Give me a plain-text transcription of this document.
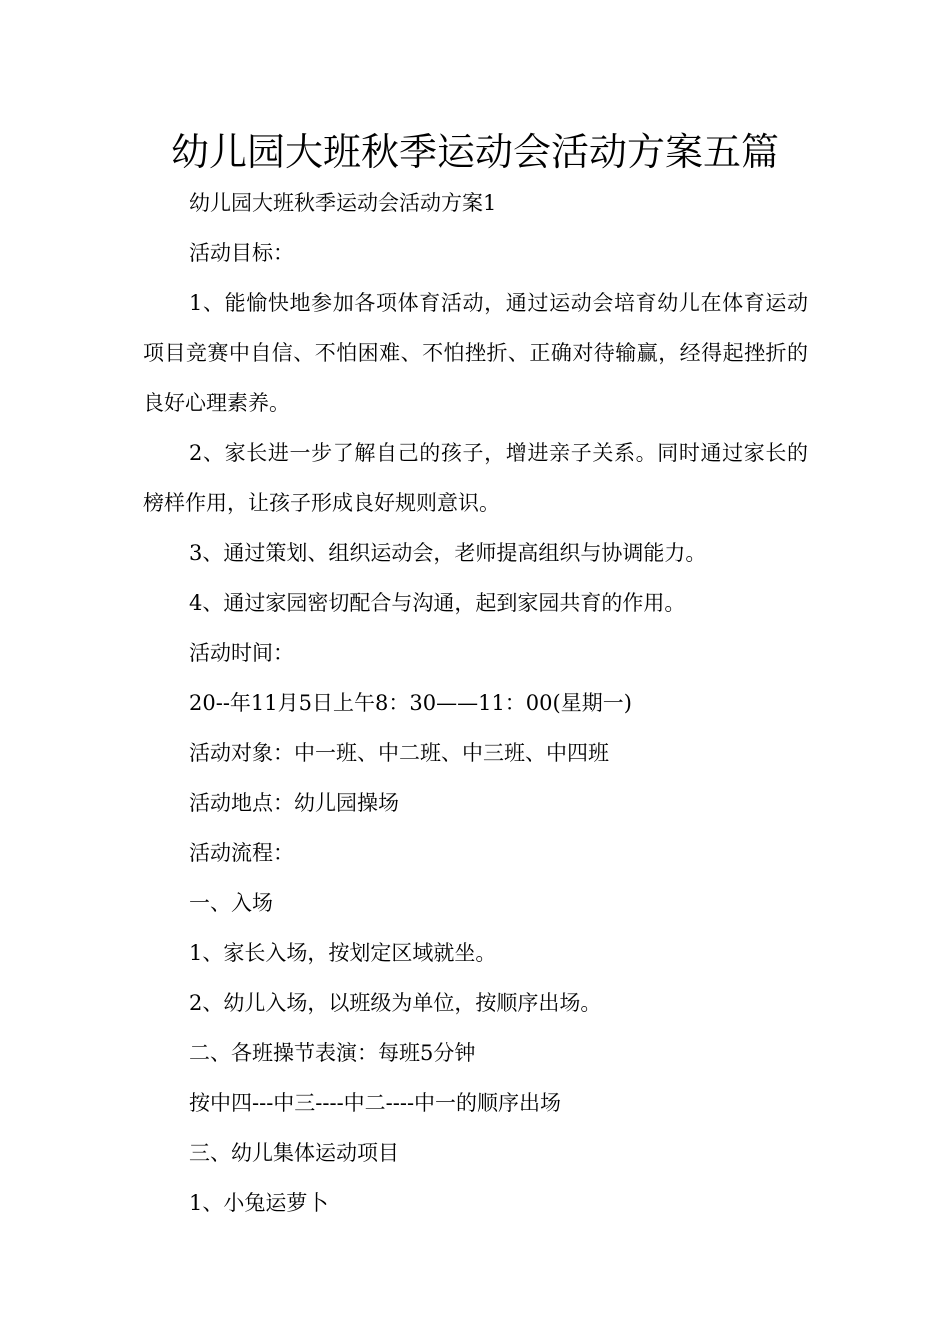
幼儿园大班秋季运动会活动方案五篇

幼儿园大班秋季运动会活动方案1

活动目标：

1、能愉快地参加各项体育活动，通过运动会培育幼儿在体育运动项目竞赛中自信、不怕困难、不怕挫折、正确对待输赢，经得起挫折的良好心理素养。

2、家长进一步了解自己的孩子，增进亲子关系。同时通过家长的榜样作用，让孩子形成良好规则意识。

3、通过策划、组织运动会，老师提高组织与协调能力。

4、通过家园密切配合与沟通，起到家园共育的作用。

活动时间：

20--年11月5日上午8：30——11：00(星期一)

活动对象：中一班、中二班、中三班、中四班

活动地点：幼儿园操场

活动流程：

一、入场

1、家长入场，按划定区域就坐。

2、幼儿入场，以班级为单位，按顺序出场。

二、各班操节表演：每班5分钟

按中四---中三----中二----中一的顺序出场

三、幼儿集体运动项目

1、小兔运萝卜
